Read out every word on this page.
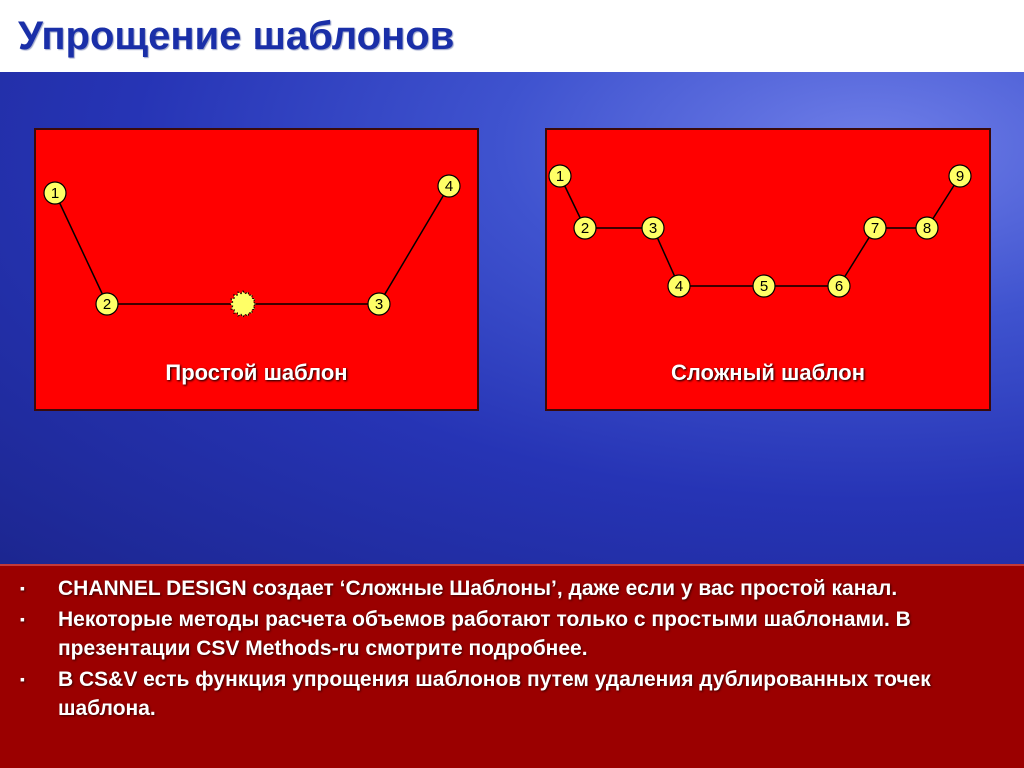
Упрощение шаблонов
1
2	3
4
Простой шаблон
1
2	3
4	5	6
7	8
9
Сложный шаблон
▪ CHANNEL DESIGN создает ‘Сложные Шаблоны’, даже если у вас простой канал.
▪ Некоторые методы расчета объемов работают только с простыми шаблонами. В презентации CSV Methods-ru смотрите подробнее.
▪ В CS&V есть функция упрощения шаблонов путем удаления дублированных точек шаблона.
